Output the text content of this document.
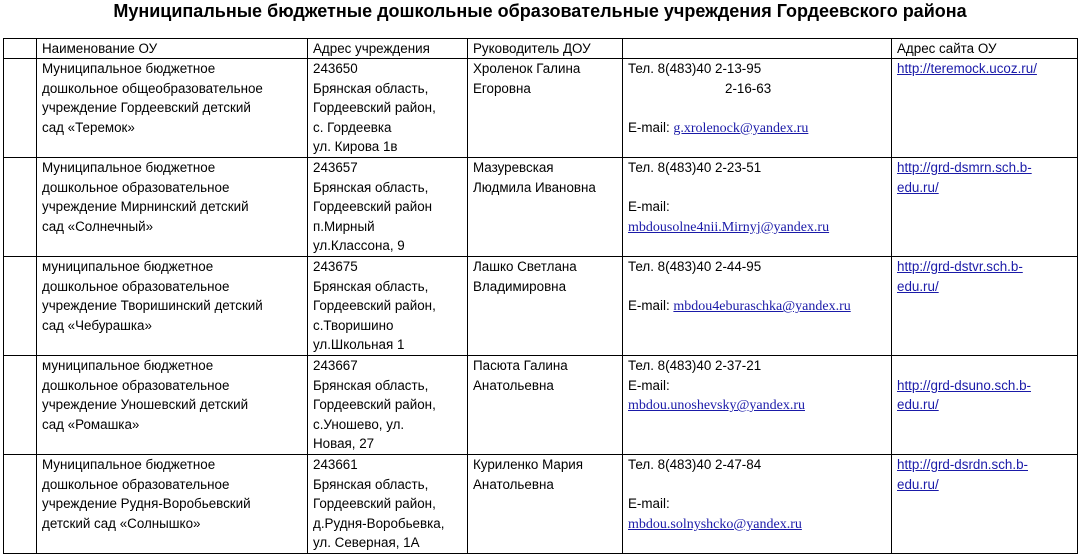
Муниципальные бюджетные дошкольные образовательные учреждения Гордеевского района
	Наименование ОУ	Адрес учреждения	Руководитель ДОУ		Адрес сайта ОУ

	Муниципальное бюджетное
дошкольное общеобразовательное
учреждение Гордеевский детский
сад «Теремок»	243650
Брянская область,
Гордеевский район,
с. Гордеевка
ул. Кирова 1в	Хроленок Галина
Егоровна	Тел. 8(483)40 2-13-95
2-16-63
E-mail: g.xrolenock@yandex.ru	http://teremock.ucoz.ru/

	Муниципальное бюджетное
дошкольное образовательное
учреждение Мирнинский детский
сад «Солнечный»	243657
Брянская область,
Гордеевский район
п.Мирный
ул.Классона, 9	Мазуревская
Людмила Ивановна	Тел. 8(483)40 2-23-51
E-mail:
mbdousolne4nii.Mirnyj@yandex.ru	http://grd-dsmrn.sch.b-
edu.ru/

	муниципальное бюджетное
дошкольное образовательное
учреждение Творишинский детский
сад «Чебурашка»	243675
Брянская область,
Гордеевский район,
с.Творишино
ул.Школьная 1	Лашко Светлана
Владимировна	Тел. 8(483)40 2-44-95
E-mail: mbdou4eburaschka@yandex.ru	http://grd-dstvr.sch.b-
edu.ru/

	муниципальное бюджетное
дошкольное образовательное
учреждение Уношевский детский
сад «Ромашка»	243667
Брянская область,
Гордеевский район,
с.Уношево, ул.
Новая, 27	Пасюта Галина
Анатольевна	Тел. 8(483)40 2-37-21
E-mail:
mbdou.unoshevsky@yandex.ru	http://grd-dsuno.sch.b-
edu.ru/

	Муниципальное бюджетное
дошкольное образовательное
учреждение Рудня-Воробьевский
детский сад «Солнышко»	243661
Брянская область,
Гордеевский район,
д.Рудня-Воробьевка,
ул. Северная, 1А	Куриленко Мария
Анатольевна	Тел. 8(483)40 2-47-84
E-mail:
mbdou.solnyshcko@yandex.ru	http://grd-dsrdn.sch.b-
edu.ru/
